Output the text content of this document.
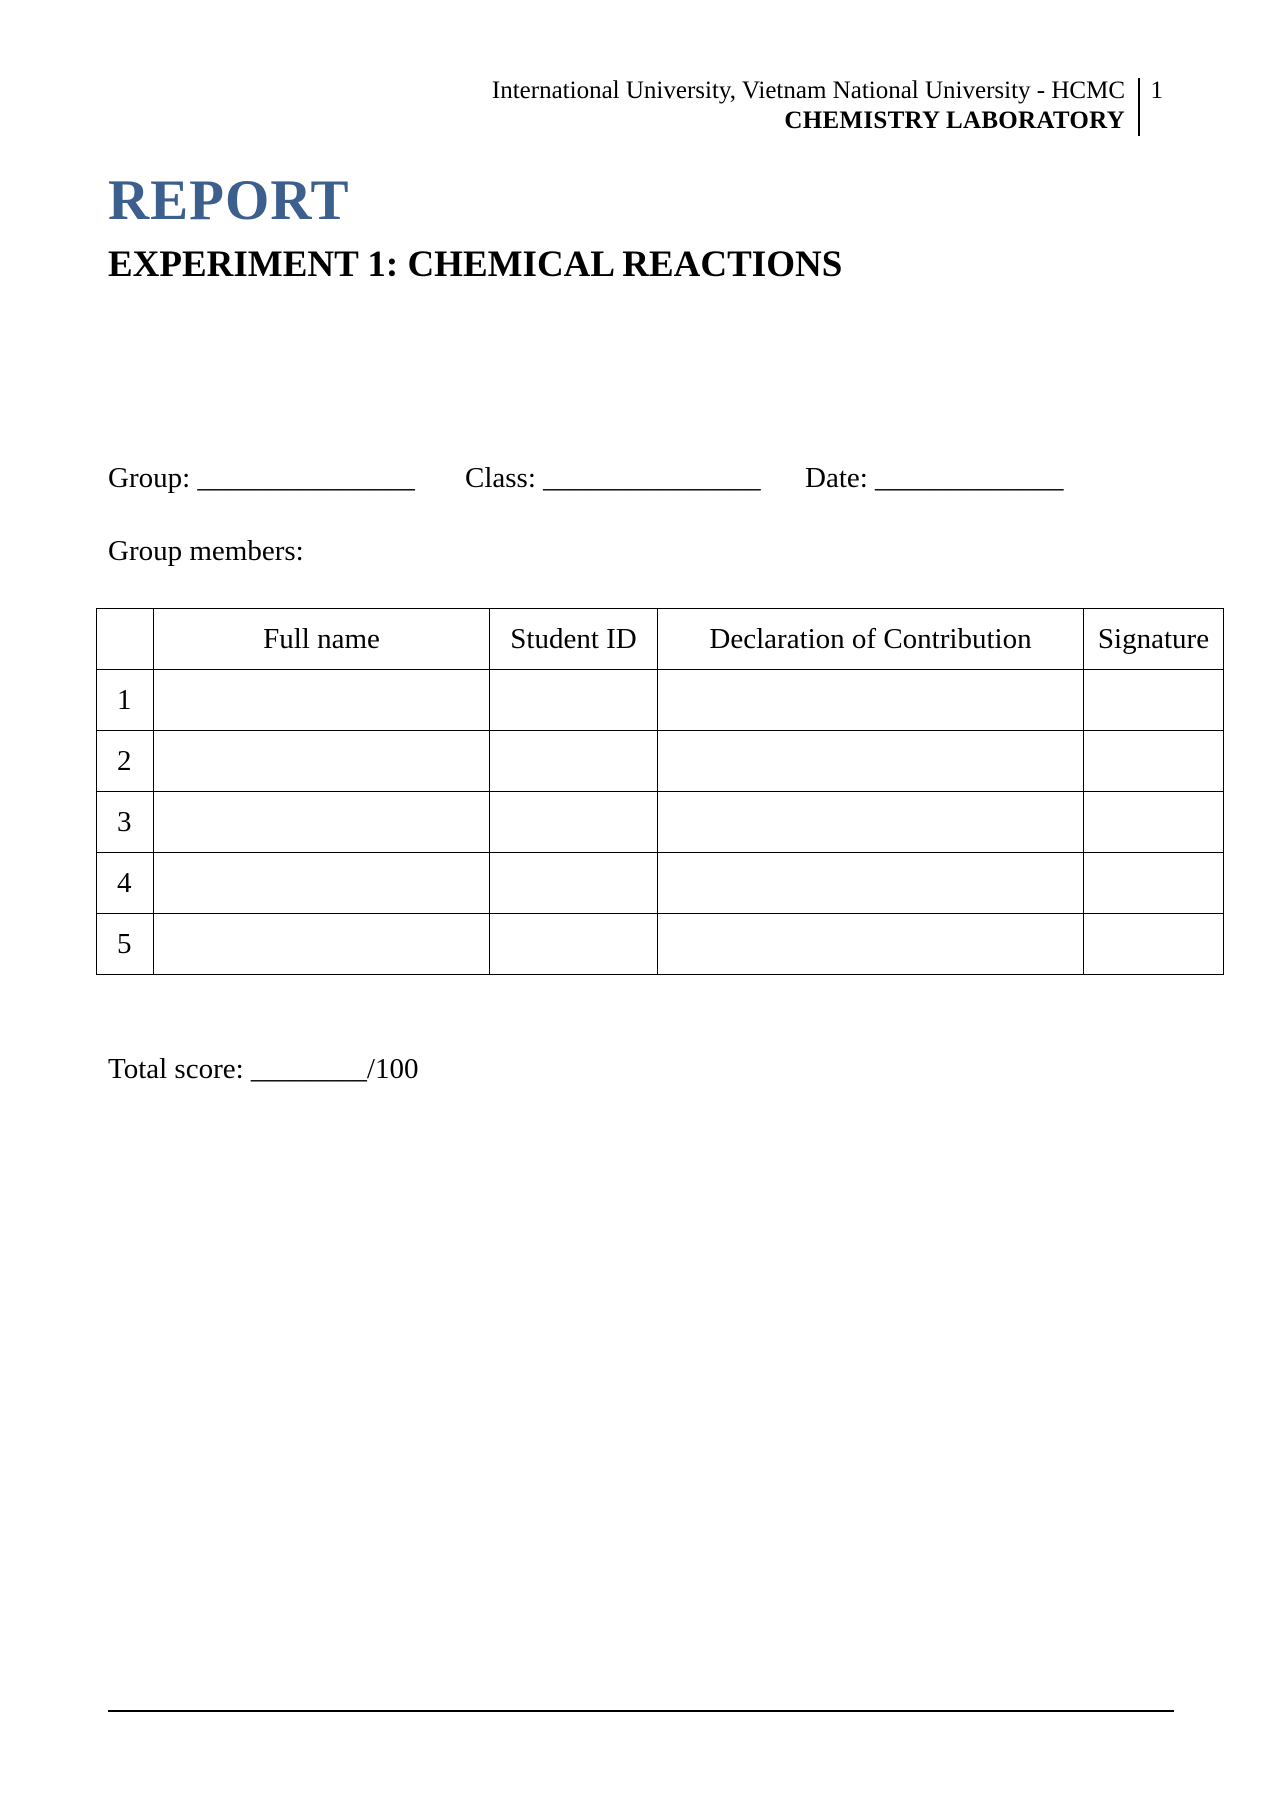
International University, Vietnam National University - HCMC
CHEMISTRY LABORATORY
1
REPORT
EXPERIMENT 1: CHEMICAL REACTIONS
Group: _______________ Class: _______________ Date: _____________
Group members:
	Full name	Student ID	Declaration of Contribution	Signature
1				
2				
3				
4				
5				
Total score: ________/100
